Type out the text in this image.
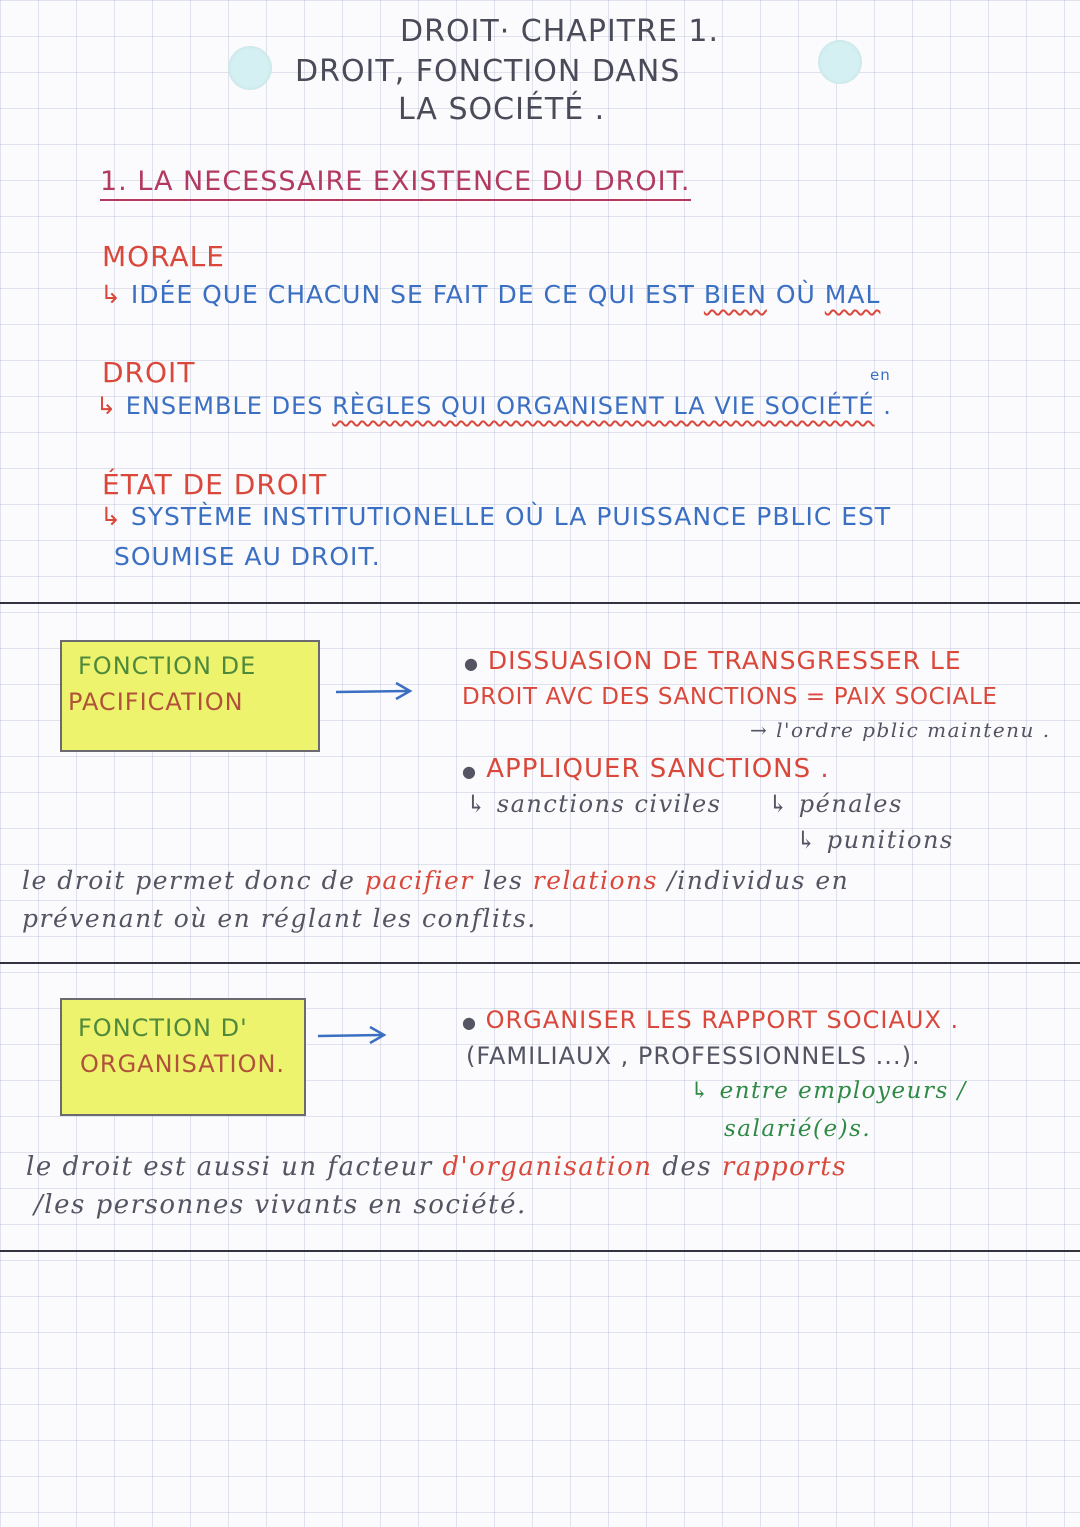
DROIT· CHAPITRE 1.
DROIT, FONCTION DANS
LA SOCIÉTÉ .
1. LA NECESSAIRE EXISTENCE DU DROIT.
MORALE
↳ IDÉE QUE CHACUN SE FAIT DE CE QUI EST BIEN OÙ MAL
DROIT	en
↳ ENSEMBLE DES RÈGLES QUI ORGANISENT LA VIE SOCIÉTÉ .
ÉTAT DE DROIT
↳ SYSTÈME INSTITUTIONELLE OÙ LA PUISSANCE PBLIC EST
SOUMISE AU DROIT.
FONCTION DE
PACIFICATION
● DISSUASION DE TRANSGRESSER LE
DROIT AVC DES SANCTIONS = PAIX SOCIALE
→ l'ordre pblic maintenu .
● APPLIQUER SANCTIONS .
↳ sanctions civiles ↳ pénales
↳ punitions
le droit permet donc de pacifier les relations /individus en
prévenant où en réglant les conflits.
FONCTION D'
ORGANISATION.
● ORGANISER LES RAPPORT SOCIAUX .
(FAMILIAUX , PROFESSIONNELS ...).
↳ entre employeurs /
salarié(e)s.
le droit est aussi un facteur d'organisation des rapports
/les personnes vivants en société.
